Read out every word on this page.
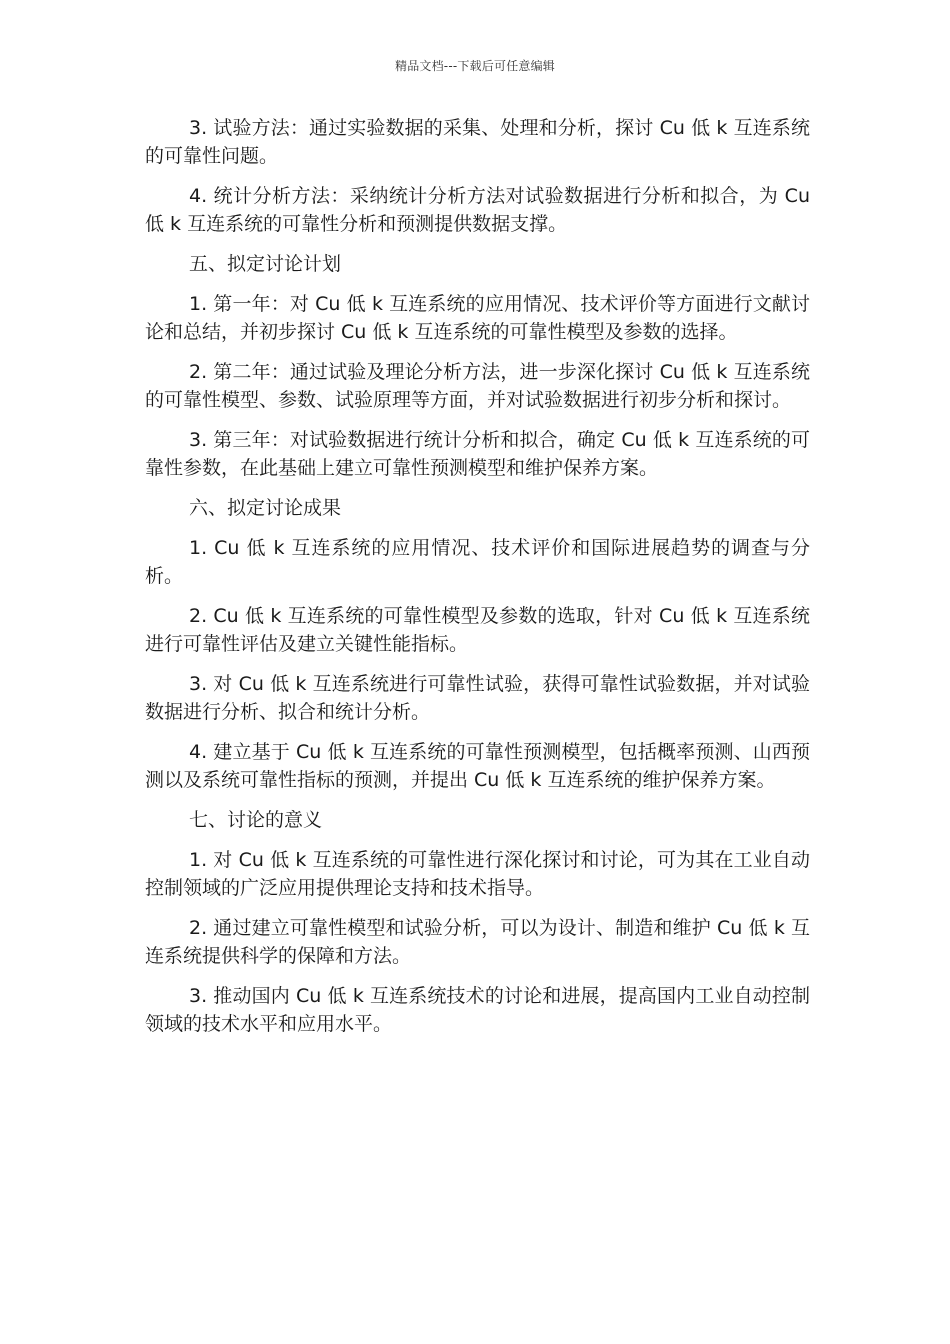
精品文档---下载后可任意编辑

3. 试验方法：通过实验数据的采集、处理和分析，探讨 Cu 低 k 互连系统的可靠性问题。

4. 统计分析方法：采纳统计分析方法对试验数据进行分析和拟合，为 Cu 低 k 互连系统的可靠性分析和预测提供数据支撑。

五、拟定讨论计划

1. 第一年：对 Cu 低 k 互连系统的应用情况、技术评价等方面进行文献讨论和总结，并初步探讨 Cu 低 k 互连系统的可靠性模型及参数的选择。

2. 第二年：通过试验及理论分析方法，进一步深化探讨 Cu 低 k 互连系统的可靠性模型、参数、试验原理等方面，并对试验数据进行初步分析和探讨。

3. 第三年：对试验数据进行统计分析和拟合，确定 Cu 低 k 互连系统的可靠性参数，在此基础上建立可靠性预测模型和维护保养方案。

六、拟定讨论成果

1. Cu 低 k 互连系统的应用情况、技术评价和国际进展趋势的调查与分析。

2. Cu 低 k 互连系统的可靠性模型及参数的选取，针对 Cu 低 k 互连系统进行可靠性评估及建立关键性能指标。

3. 对 Cu 低 k 互连系统进行可靠性试验，获得可靠性试验数据，并对试验数据进行分析、拟合和统计分析。

4. 建立基于 Cu 低 k 互连系统的可靠性预测模型，包括概率预测、山西预测以及系统可靠性指标的预测，并提出 Cu 低 k 互连系统的维护保养方案。

七、讨论的意义

1. 对 Cu 低 k 互连系统的可靠性进行深化探讨和讨论，可为其在工业自动控制领域的广泛应用提供理论支持和技术指导。

2. 通过建立可靠性模型和试验分析，可以为设计、制造和维护 Cu 低 k 互连系统提供科学的保障和方法。

3. 推动国内 Cu 低 k 互连系统技术的讨论和进展，提高国内工业自动控制领域的技术水平和应用水平。
